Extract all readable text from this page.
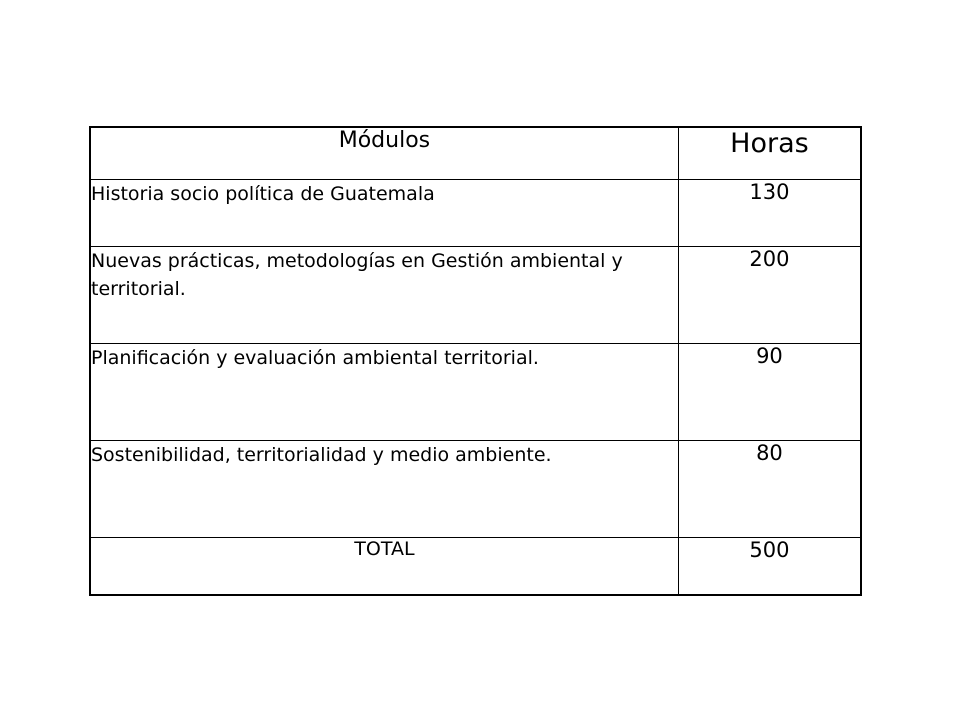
Módulos	Horas
Historia socio política de Guatemala	130
Nuevas prácticas, metodologías en Gestión ambiental y territorial.	200
Planificación y evaluación ambiental territorial.	90
Sostenibilidad, territorialidad y medio ambiente.	80
TOTAL	500
